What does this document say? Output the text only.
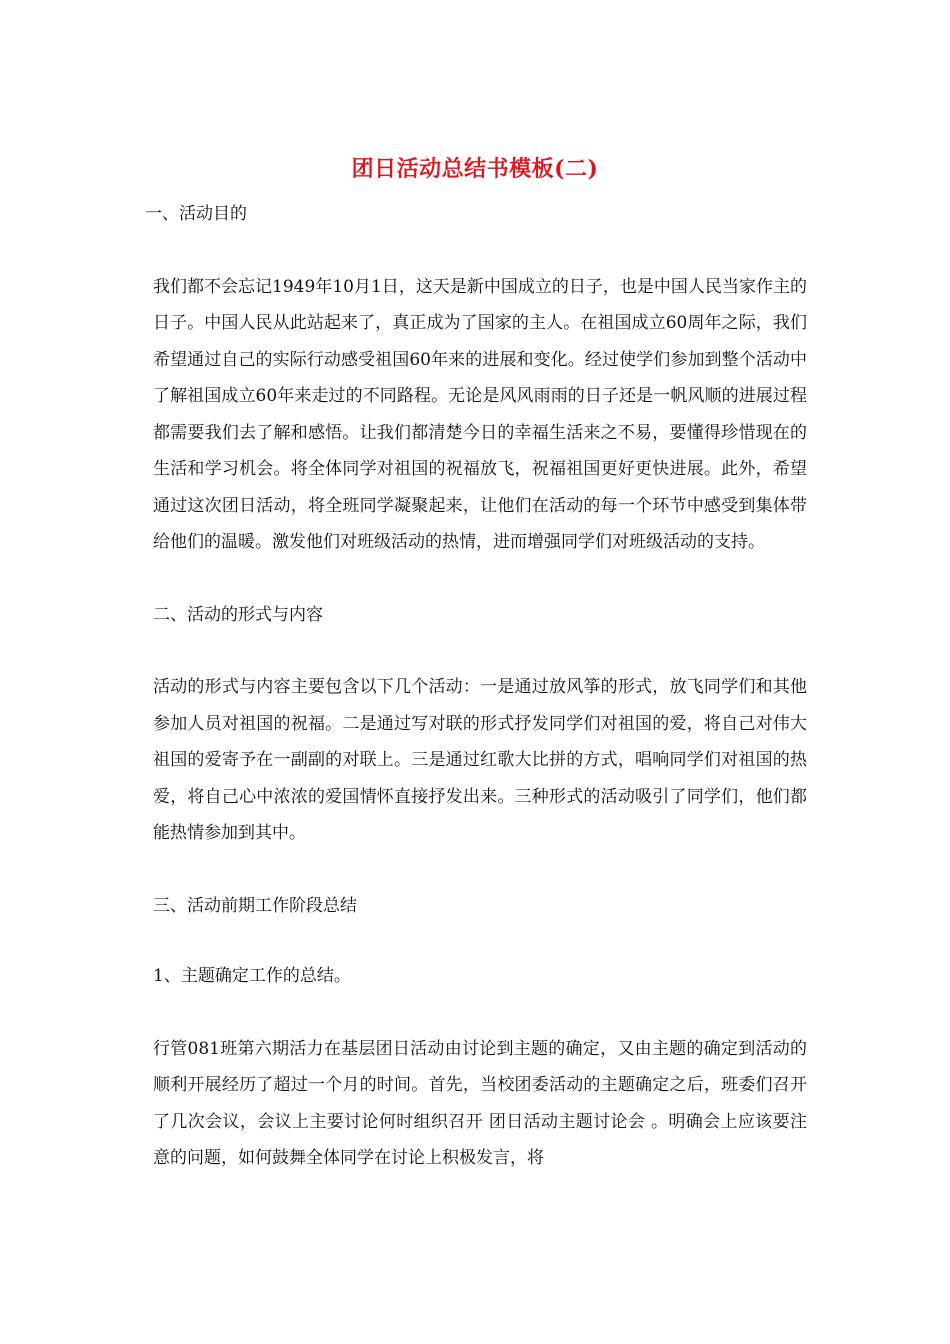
团日活动总结书模板(二)

一、活动目的

我们都不会忘记1949年10月1日，这天是新中国成立的日子，也是中国人民当家作主的日子。中国人民从此站起来了，真正成为了国家的主人。在祖国成立60周年之际，我们希望通过自己的实际行动感受祖国60年来的进展和变化。经过使学们参加到整个活动中了解祖国成立60年来走过的不同路程。无论是风风雨雨的日子还是一帆风顺的进展过程都需要我们去了解和感悟。让我们都清楚今日的幸福生活来之不易，要懂得珍惜现在的生活和学习机会。将全体同学对祖国的祝福放飞，祝福祖国更好更快进展。此外，希望通过这次团日活动，将全班同学凝聚起来，让他们在活动的每一个环节中感受到集体带给他们的温暖。激发他们对班级活动的热情，进而增强同学们对班级活动的支持。

二、活动的形式与内容

活动的形式与内容主要包含以下几个活动：一是通过放风筝的形式，放飞同学们和其他参加人员对祖国的祝福。二是通过写对联的形式抒发同学们对祖国的爱，将自己对伟大祖国的爱寄予在一副副的对联上。三是通过红歌大比拼的方式，唱响同学们对祖国的热爱，将自己心中浓浓的爱国情怀直接抒发出来。三种形式的活动吸引了同学们，他们都能热情参加到其中。

三、活动前期工作阶段总结

1、主题确定工作的总结。

行管081班第六期活力在基层团日活动由讨论到主题的确定，又由主题的确定到活动的顺利开展经历了超过一个月的时间。首先，当校团委活动的主题确定之后，班委们召开了几次会议，会议上主要讨论何时组织召开 团日活动主题讨论会 。明确会上应该要注意的问题，如何鼓舞全体同学在讨论上积极发言，将
